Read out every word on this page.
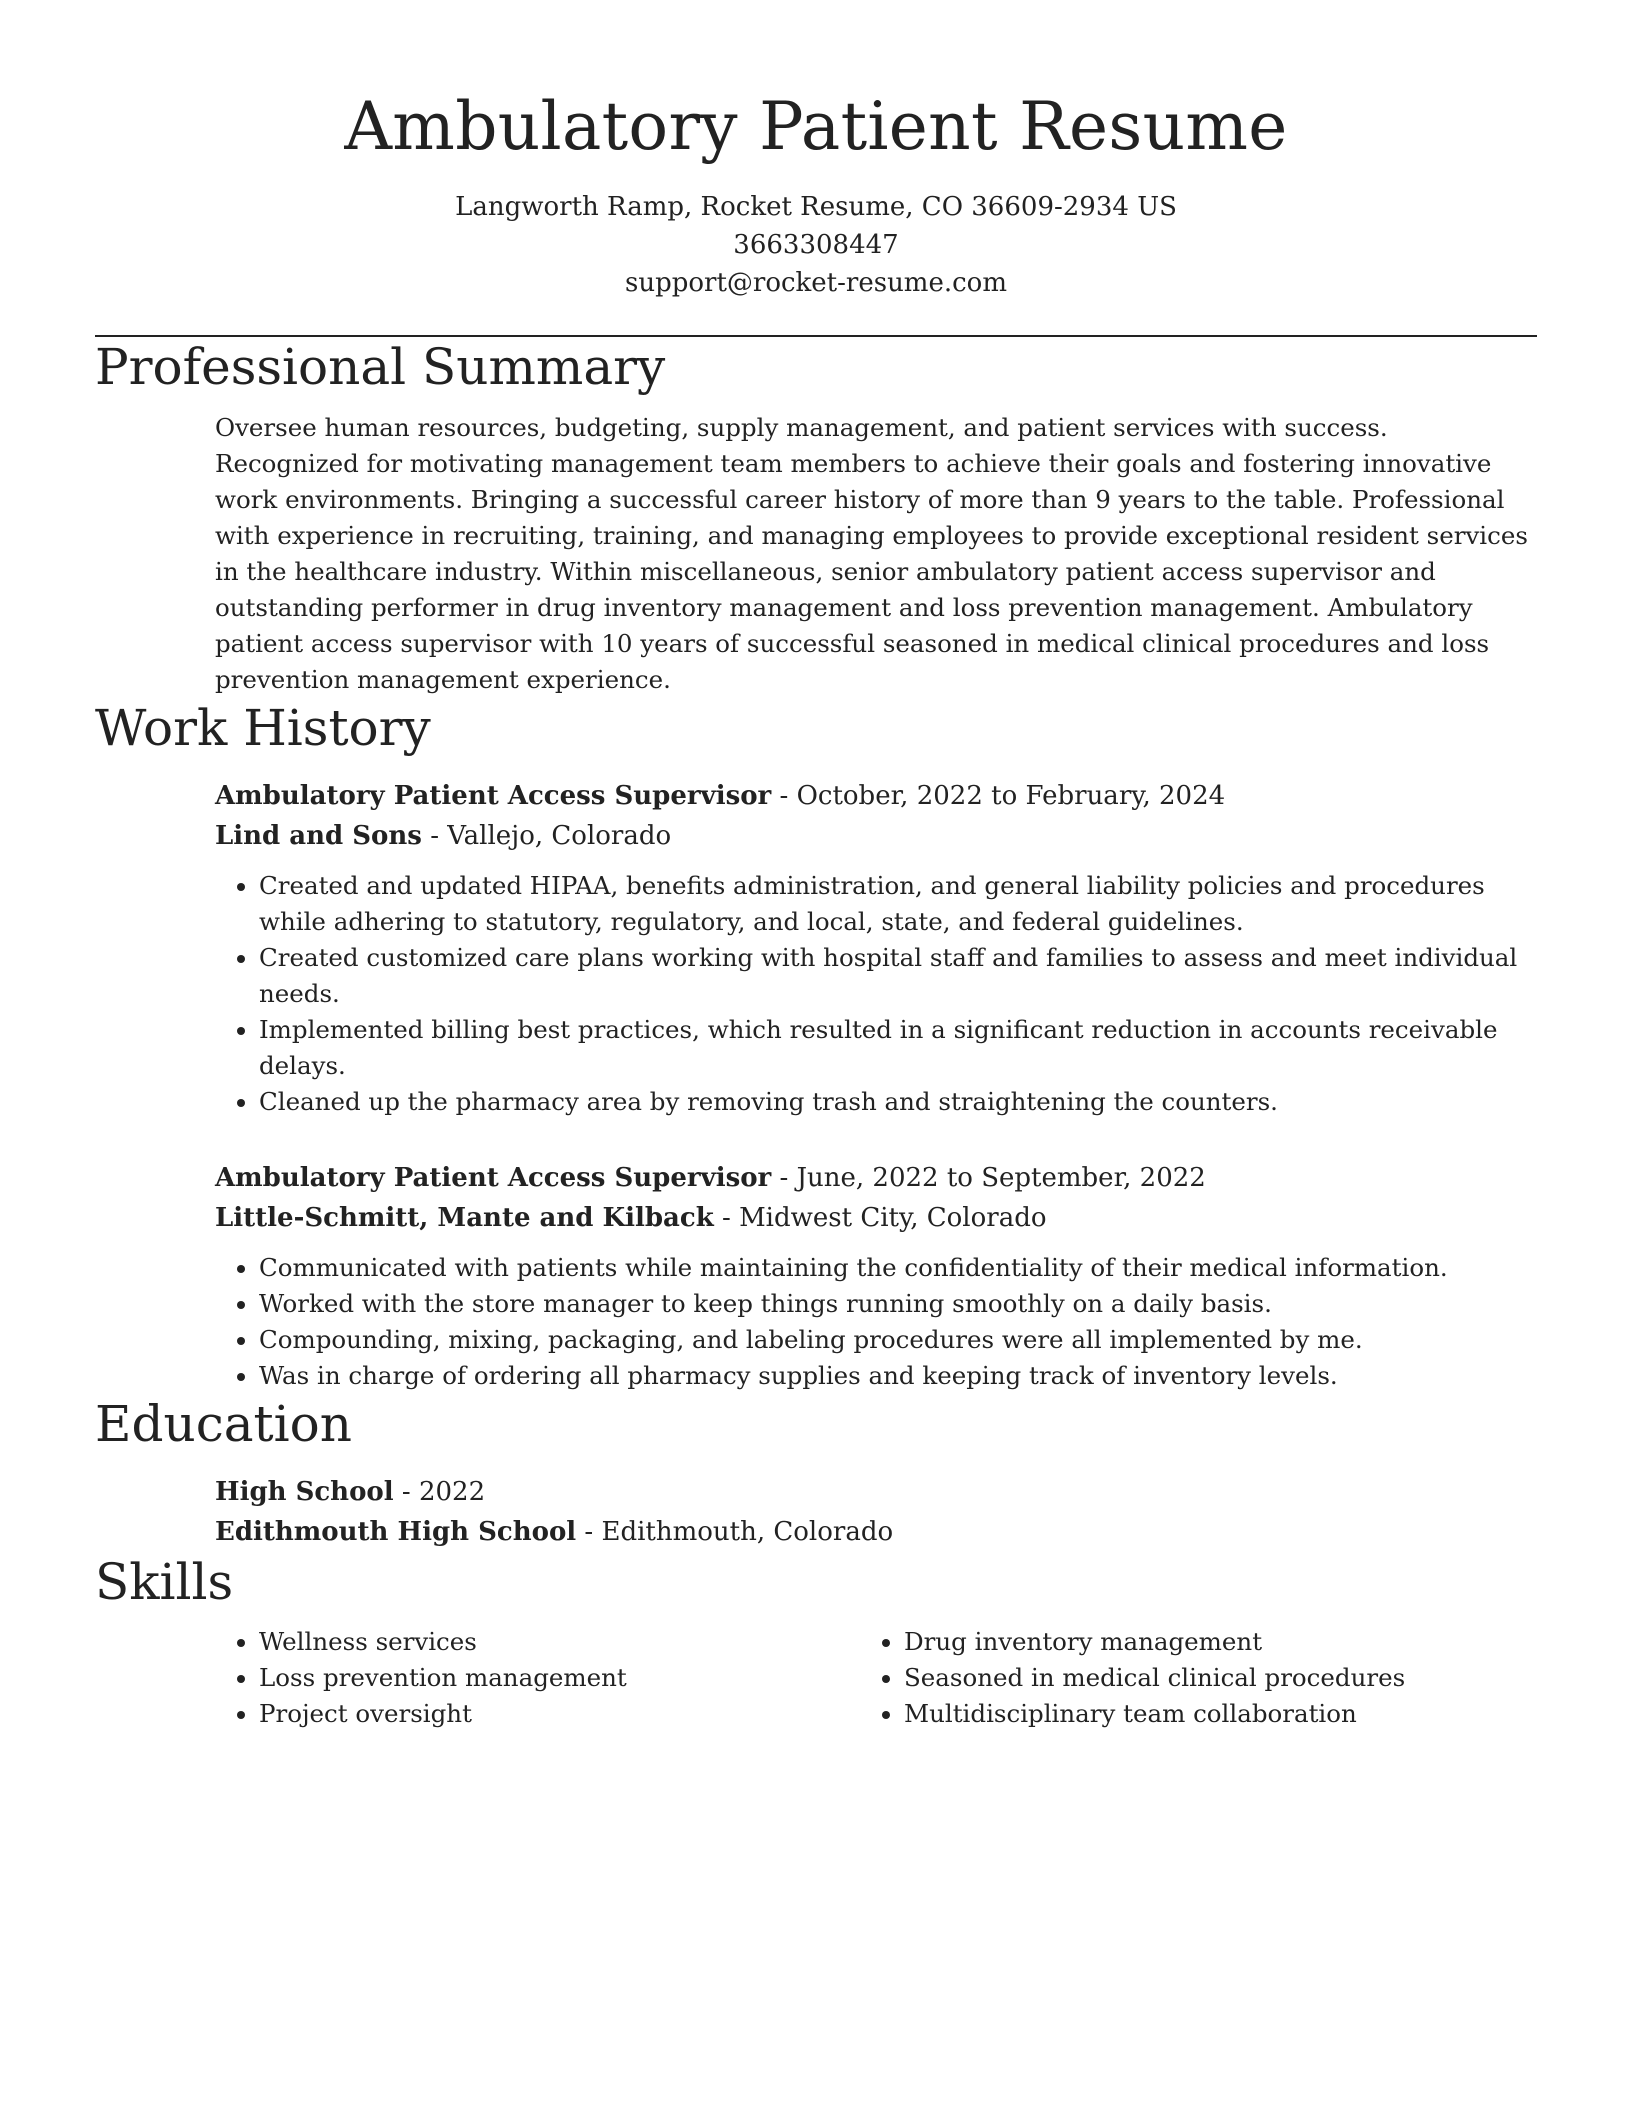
Ambulatory Patient Resume
Langworth Ramp, Rocket Resume, CO 36609-2934 US
3663308447
support@rocket-resume.com
Professional Summary
Oversee human resources, budgeting, supply management, and patient services with success. Recognized for motivating management team members to achieve their goals and fostering innovative work environments. Bringing a successful career history of more than 9 years to the table. Professional with experience in recruiting, training, and managing employees to provide exceptional resident services in the healthcare industry. Within miscellaneous, senior ambulatory patient access supervisor and outstanding performer in drug inventory management and loss prevention management. Ambulatory patient access supervisor with 10 years of successful seasoned in medical clinical procedures and loss prevention management experience.
Work History
Ambulatory Patient Access Supervisor - October, 2022 to February, 2024
Lind and Sons - Vallejo, Colorado
• Created and updated HIPAA, benefits administration, and general liability policies and procedures while adhering to statutory, regulatory, and local, state, and federal guidelines.
• Created customized care plans working with hospital staff and families to assess and meet individual needs.
• Implemented billing best practices, which resulted in a significant reduction in accounts receivable delays.
• Cleaned up the pharmacy area by removing trash and straightening the counters.
Ambulatory Patient Access Supervisor - June, 2022 to September, 2022
Little-Schmitt, Mante and Kilback - Midwest City, Colorado
• Communicated with patients while maintaining the confidentiality of their medical information.
• Worked with the store manager to keep things running smoothly on a daily basis.
• Compounding, mixing, packaging, and labeling procedures were all implemented by me.
• Was in charge of ordering all pharmacy supplies and keeping track of inventory levels.
Education
High School - 2022
Edithmouth High School - Edithmouth, Colorado
Skills
• Wellness services
• Loss prevention management
• Project oversight
• Drug inventory management
• Seasoned in medical clinical procedures
• Multidisciplinary team collaboration
